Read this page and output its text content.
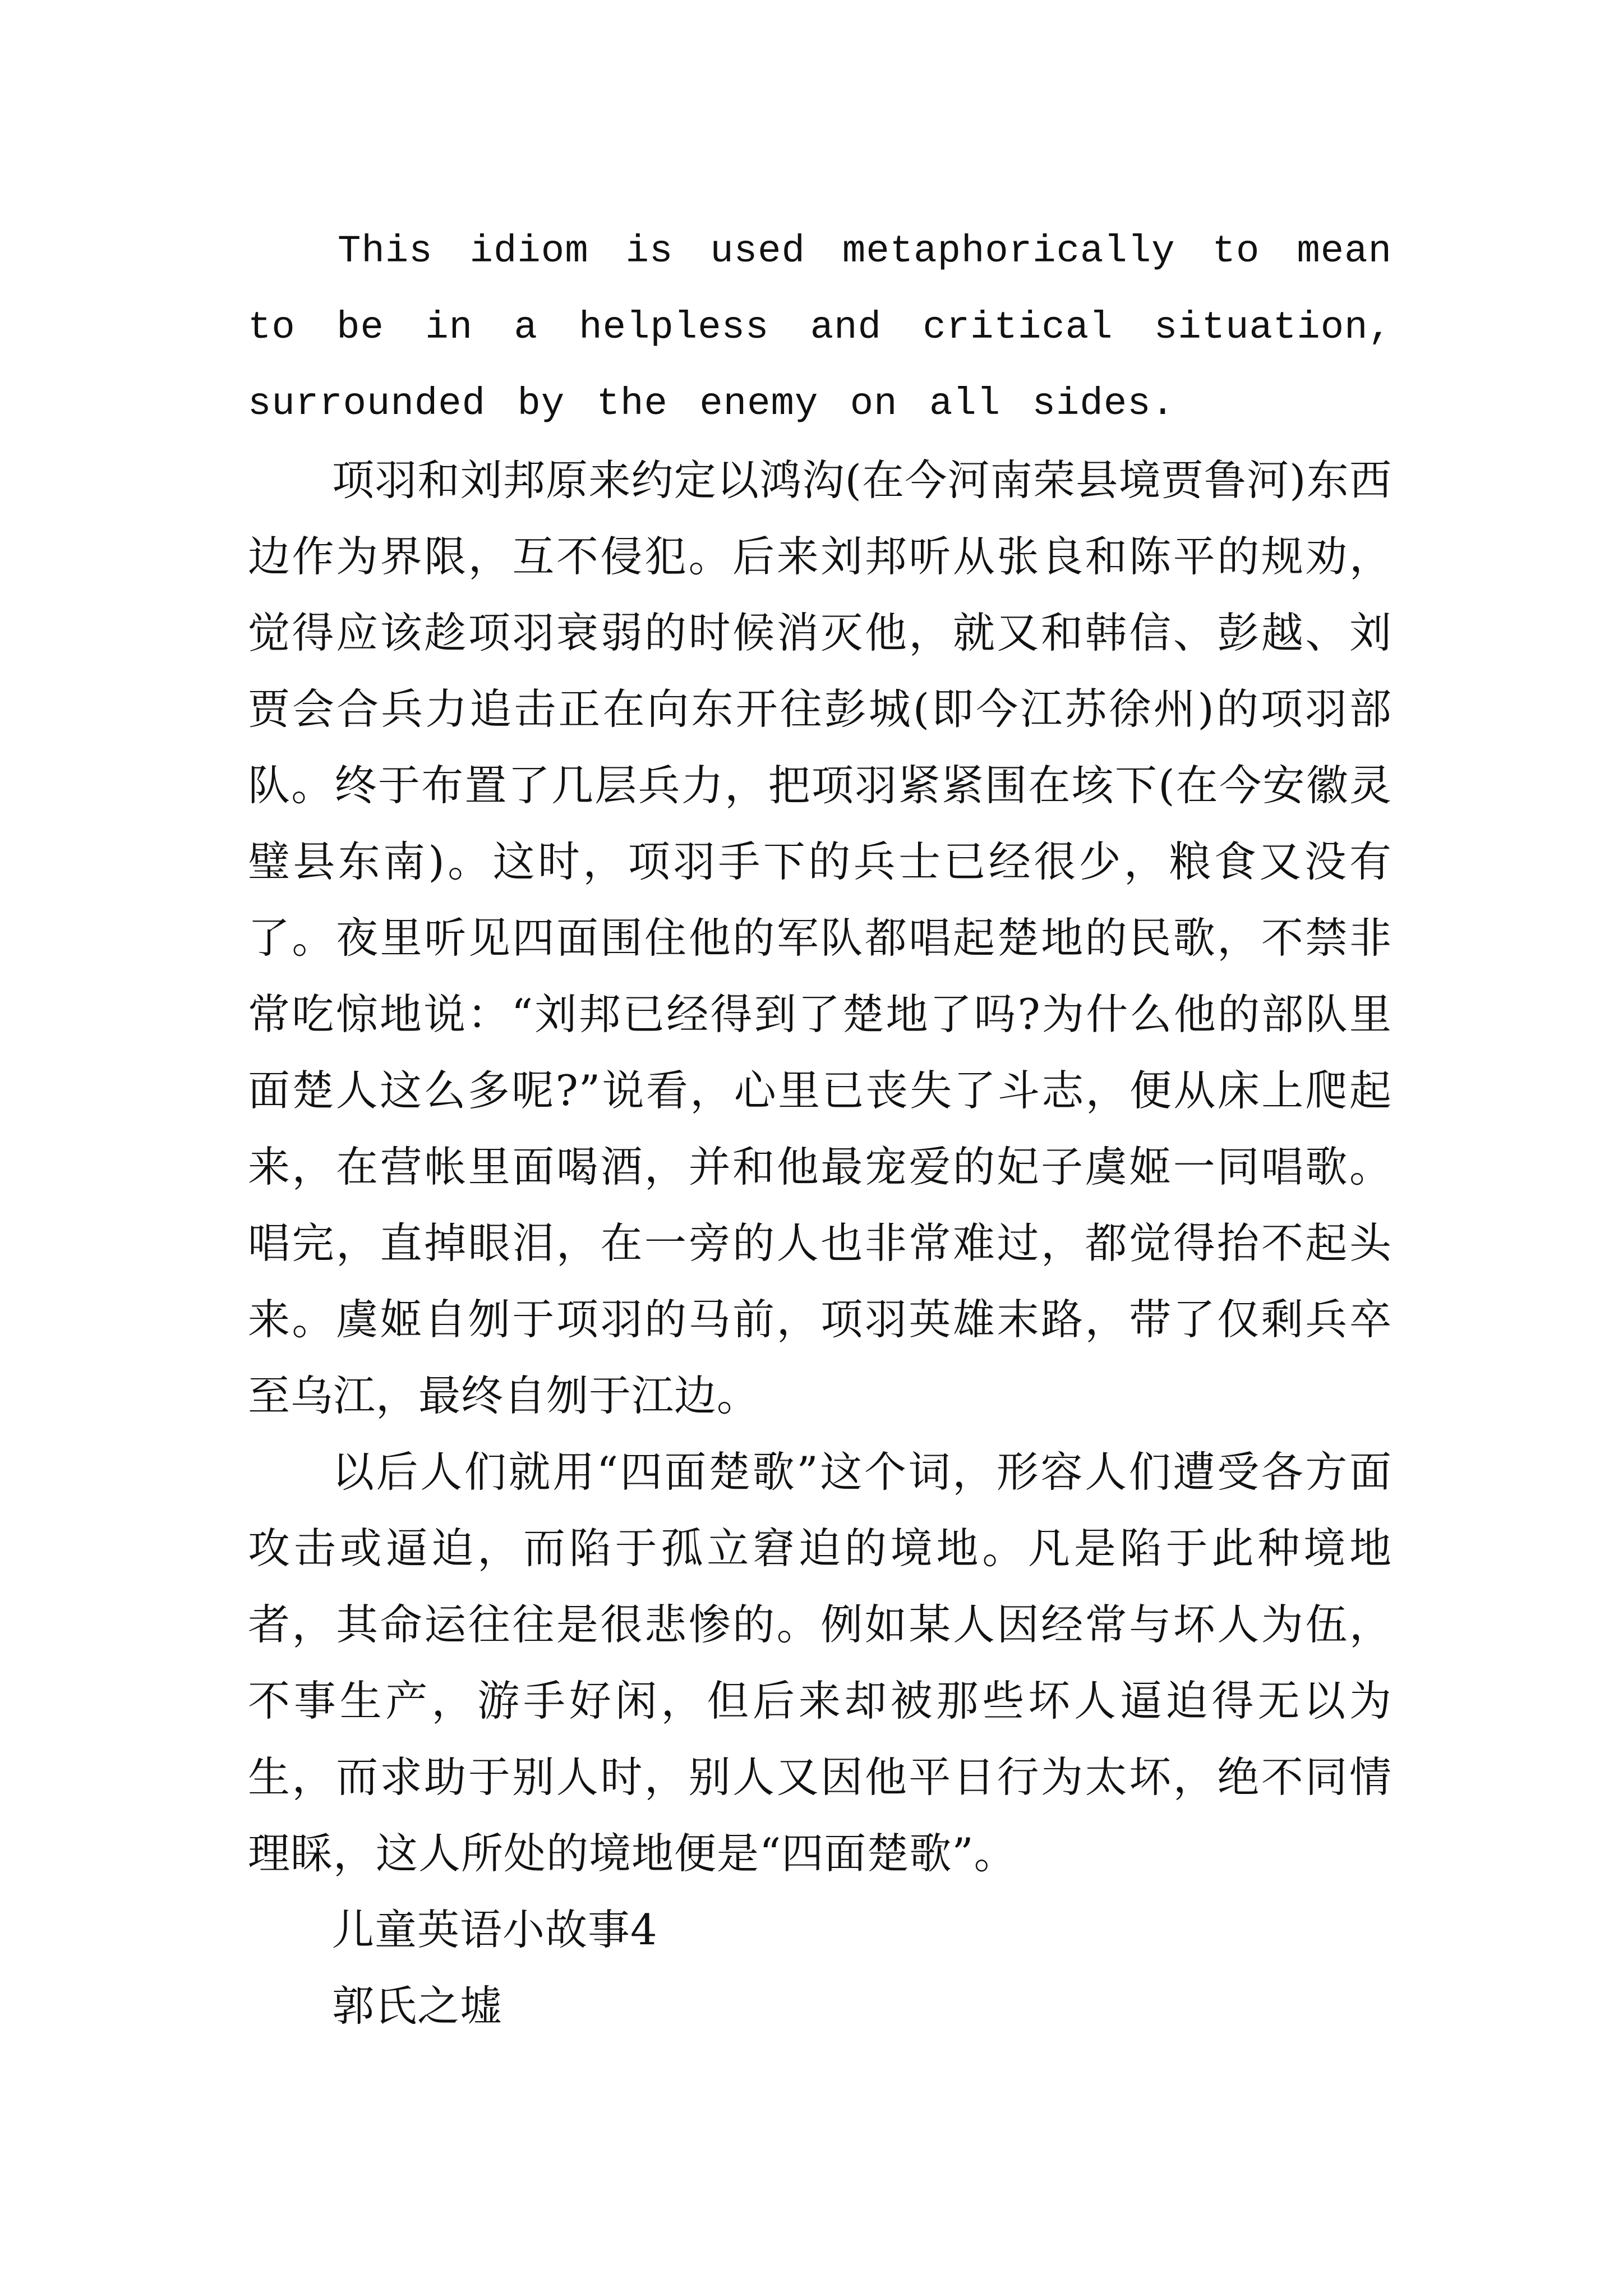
This idiom is used metaphorically to mean to be in a helpless and critical situation, surrounded by the enemy on all sides.

项羽和刘邦原来约定以鸿沟(在今河南荣县境贾鲁河)东西边作为界限，互不侵犯。后来刘邦听从张良和陈平的规劝，觉得应该趁项羽衰弱的时候消灭他，就又和韩信、彭越、刘贾会合兵力追击正在向东开往彭城(即今江苏徐州)的项羽部队。终于布置了几层兵力，把项羽紧紧围在垓下(在今安徽灵璧县东南)。这时，项羽手下的兵士已经很少，粮食又没有了。夜里听见四面围住他的军队都唱起楚地的民歌，不禁非常吃惊地说：“刘邦已经得到了楚地了吗?为什么他的部队里面楚人这么多呢?”说看，心里已丧失了斗志，便从床上爬起来，在营帐里面喝酒，并和他最宠爱的妃子虞姬一同唱歌。唱完，直掉眼泪，在一旁的人也非常难过，都觉得抬不起头来。虞姬自刎于项羽的马前，项羽英雄末路，带了仅剩兵卒至乌江，最终自刎于江边。

以后人们就用“四面楚歌”这个词，形容人们遭受各方面攻击或逼迫，而陷于孤立窘迫的境地。凡是陷于此种境地者，其命运往往是很悲惨的。例如某人因经常与坏人为伍，不事生产，游手好闲，但后来却被那些坏人逼迫得无以为生，而求助于别人时，别人又因他平日行为太坏，绝不同情理睬，这人所处的境地便是“四面楚歌”。

儿童英语小故事4

郭氏之墟
